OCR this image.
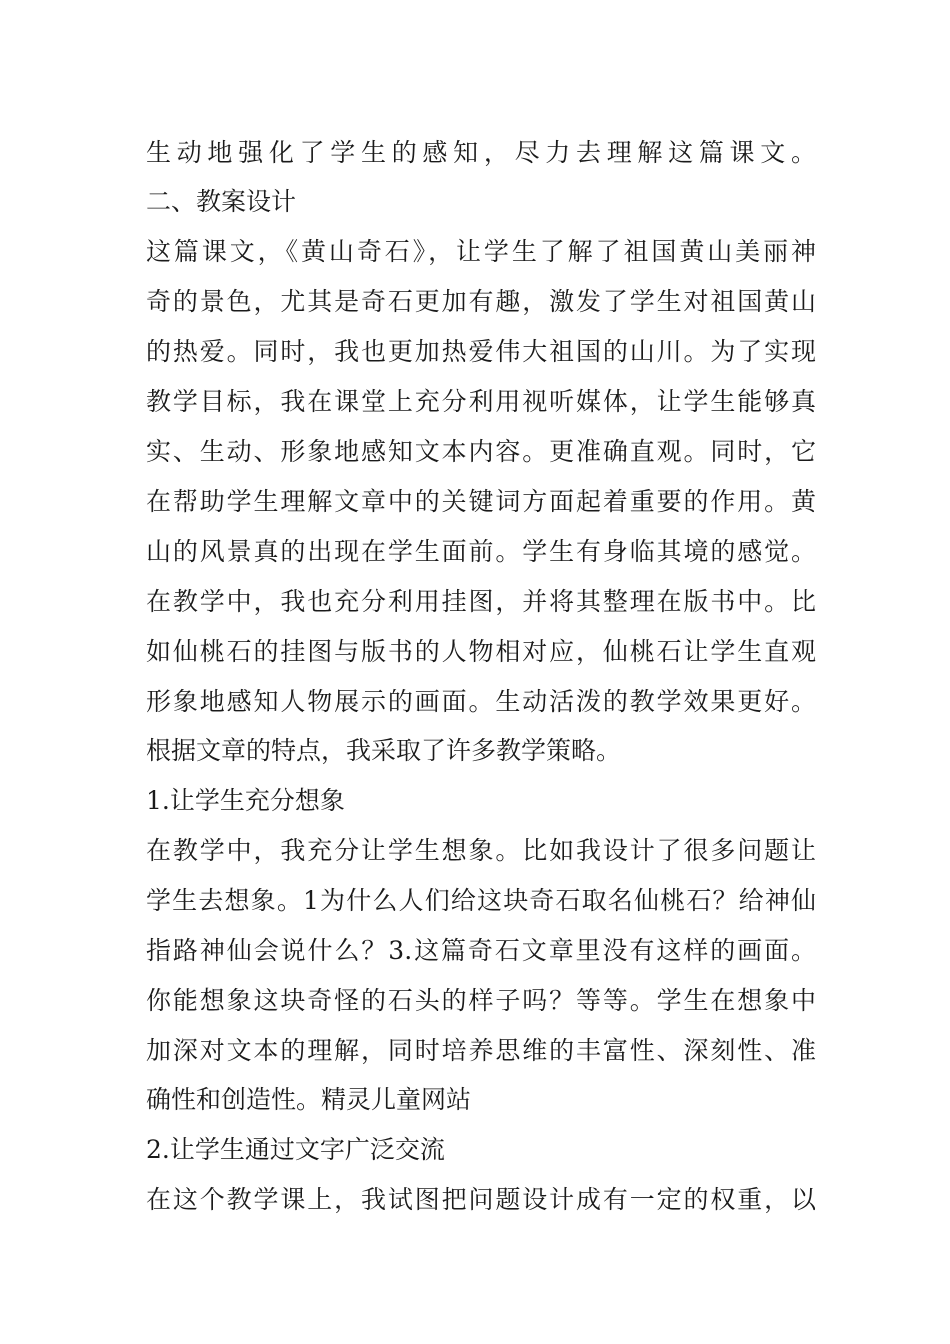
生动地强化了学生的感知，尽力去理解这篇课文。
二、教案设计
这篇课文，《黄山奇石》，让学生了解了祖国黄山美丽神
奇的景色，尤其是奇石更加有趣，激发了学生对祖国黄山
的热爱。同时，我也更加热爱伟大祖国的山川。为了实现
教学目标，我在课堂上充分利用视听媒体，让学生能够真
实、生动、形象地感知文本内容。更准确直观。同时，它
在帮助学生理解文章中的关键词方面起着重要的作用。黄
山的风景真的出现在学生面前。学生有身临其境的感觉。
在教学中，我也充分利用挂图，并将其整理在版书中。比
如仙桃石的挂图与版书的人物相对应，仙桃石让学生直观
形象地感知人物展示的画面。生动活泼的教学效果更好。
根据文章的特点，我采取了许多教学策略。
1.让学生充分想象
在教学中，我充分让学生想象。比如我设计了很多问题让
学生去想象。1为什么人们给这块奇石取名仙桃石？给神仙
指路神仙会说什么？3.这篇奇石文章里没有这样的画面。
你能想象这块奇怪的石头的样子吗？等等。学生在想象中
加深对文本的理解，同时培养思维的丰富性、深刻性、准
确性和创造性。精灵儿童网站
2.让学生通过文字广泛交流
在这个教学课上，我试图把问题设计成有一定的权重，以
